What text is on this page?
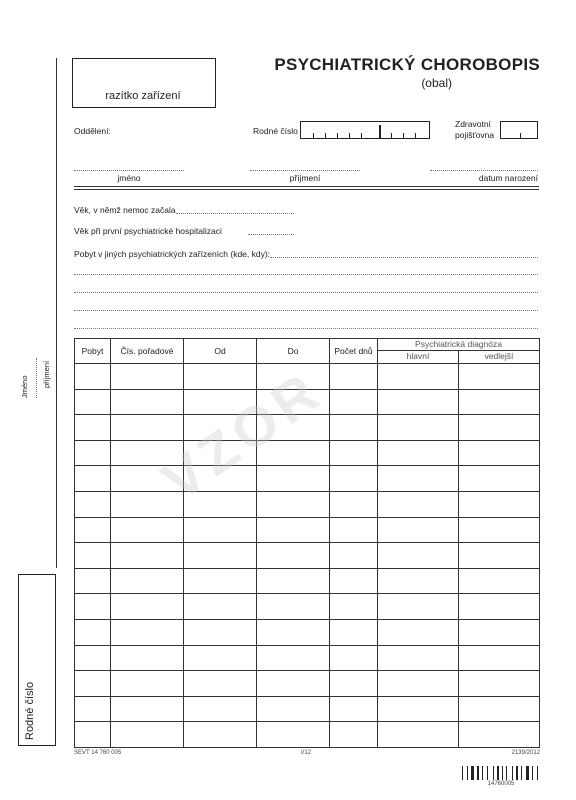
razítko zařízení
PSYCHIATRICKÝ CHOROBOPIS
(obal)
Oddělení:	Rodné číslo
Zdravotní
pojišťovna
jméno	příjmení	datum narození
Věk, v němž nemoc začala
Věk při první psychiatrické hospitalizaci
Pobyt v jiných psychiatrických zařízeních (kde, kdy):
Jméno příjmení
Pobyt	Čís. pořadové	Od	Do	Počet dnů	Psychiatrická diagnóza
hlavní vedlejší	

VZOR
Rodné číslo
SEVT 14 760 005	I/12	2139/2012
14760005
